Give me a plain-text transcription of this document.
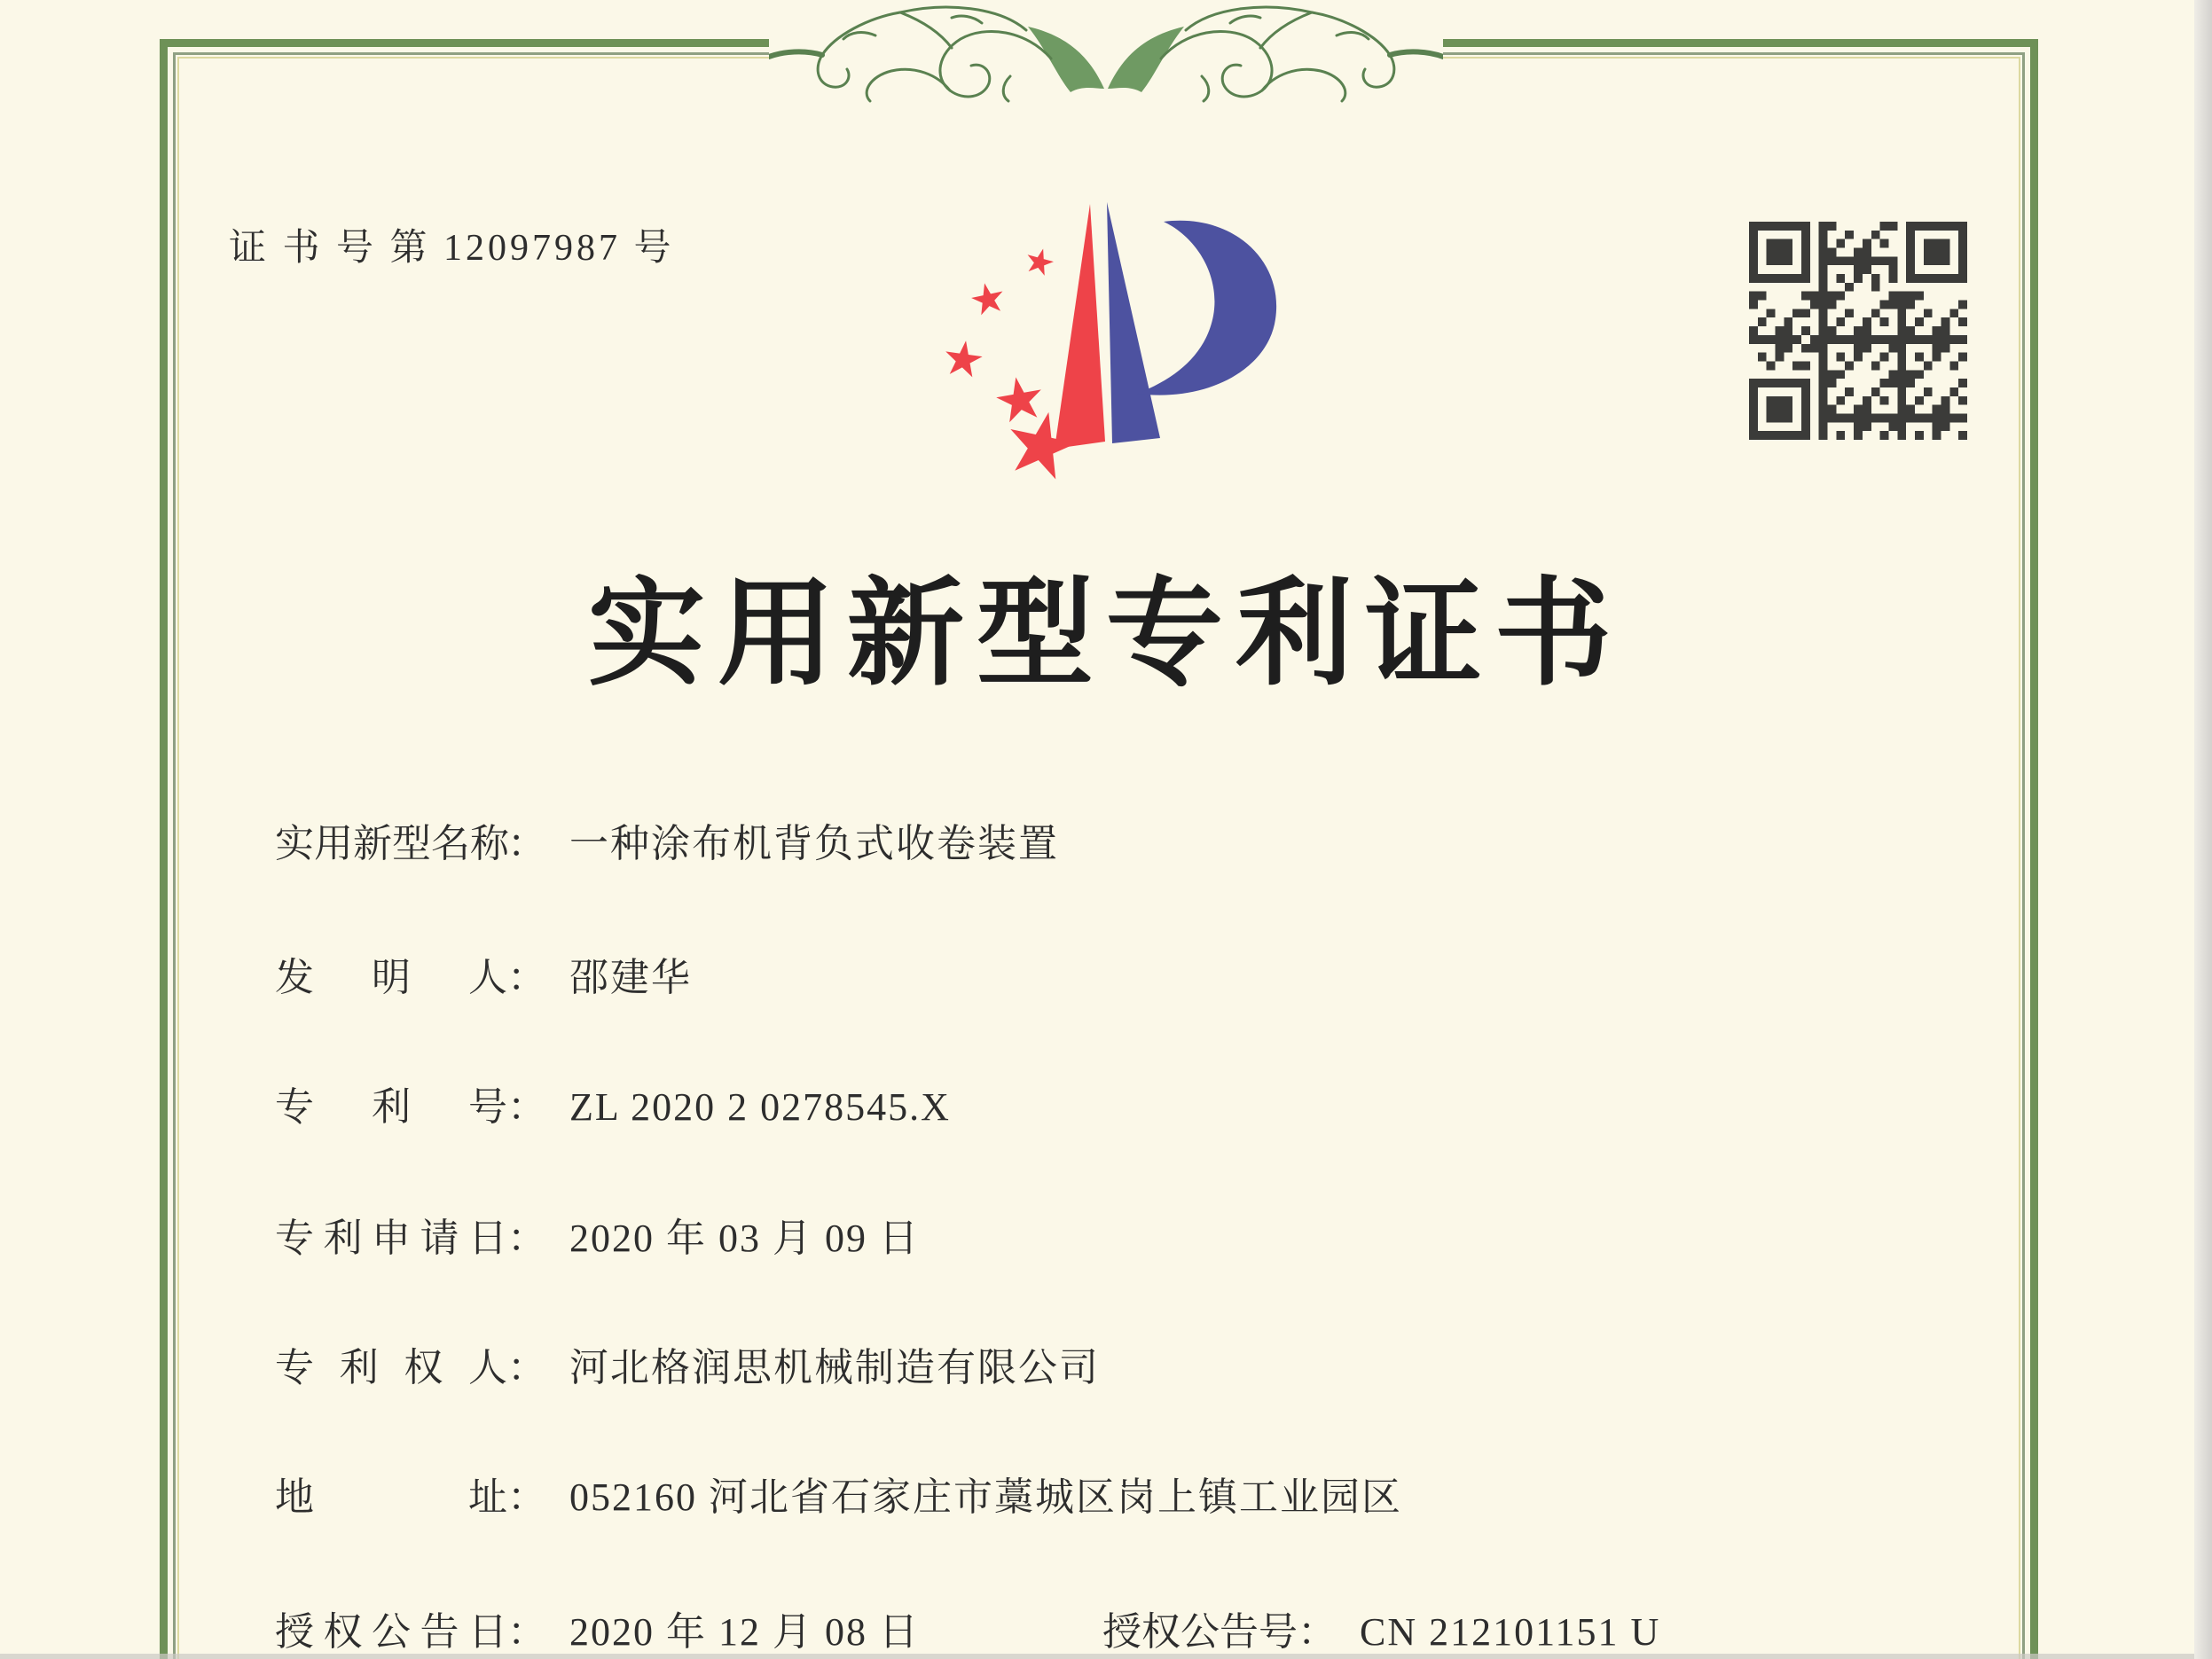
证 书 号 第 12097987 号
实用新型专利证书
实用新型名称： 一种涂布机背负式收卷装置
发明人： 邵建华
专利号： ZL 2020 2 0278545.X
专利申请日： 2020 年 03 月 09 日
专利权人： 河北格润思机械制造有限公司
地址： 052160 河北省石家庄市藁城区岗上镇工业园区
授权公告日： 2020 年 12 月 08 日	授权公告号： CN 212101151 U
